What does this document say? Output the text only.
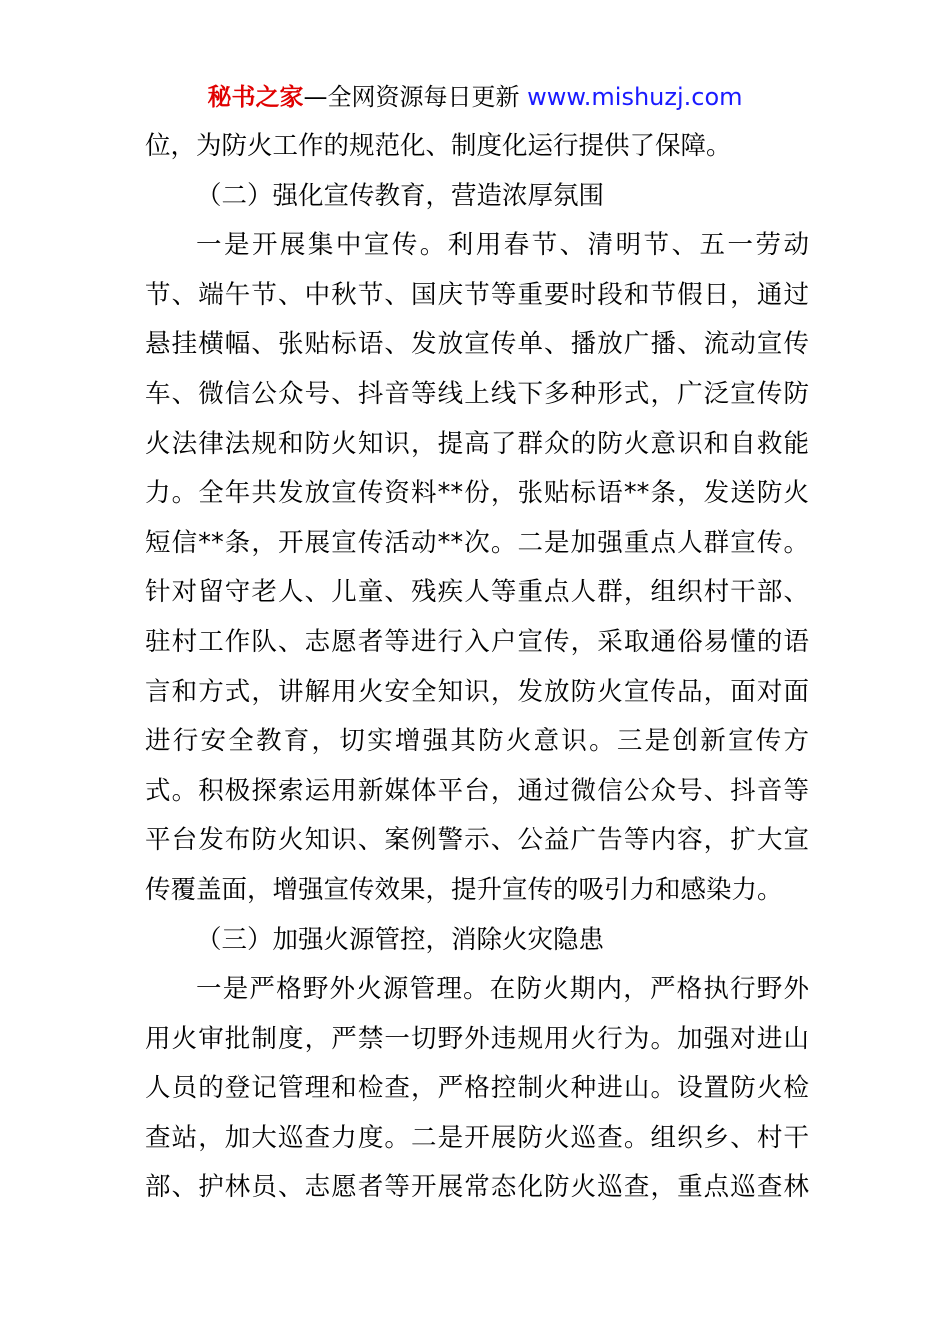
秘书之家—全网资源每日更新 www.mishuzj.com
位，为防火工作的规范化、制度化运行提供了保障。
（二）强化宣传教育，营造浓厚氛围
一是开展集中宣传。利用春节、清明节、五一劳动
节、端午节、中秋节、国庆节等重要时段和节假日，通过
悬挂横幅、张贴标语、发放宣传单、播放广播、流动宣传
车、微信公众号、抖音等线上线下多种形式，广泛宣传防
火法律法规和防火知识，提高了群众的防火意识和自救能
力。全年共发放宣传资料**份，张贴标语**条，发送防火
短信**条，开展宣传活动**次。二是加强重点人群宣传。
针对留守老人、儿童、残疾人等重点人群，组织村干部、
驻村工作队、志愿者等进行入户宣传，采取通俗易懂的语
言和方式，讲解用火安全知识，发放防火宣传品，面对面
进行安全教育，切实增强其防火意识。三是创新宣传方
式。积极探索运用新媒体平台，通过微信公众号、抖音等
平台发布防火知识、案例警示、公益广告等内容，扩大宣
传覆盖面，增强宣传效果，提升宣传的吸引力和感染力。
（三）加强火源管控，消除火灾隐患
一是严格野外火源管理。在防火期内，严格执行野外
用火审批制度，严禁一切野外违规用火行为。加强对进山
人员的登记管理和检查，严格控制火种进山。设置防火检
查站，加大巡查力度。二是开展防火巡查。组织乡、村干
部、护林员、志愿者等开展常态化防火巡查，重点巡查林
